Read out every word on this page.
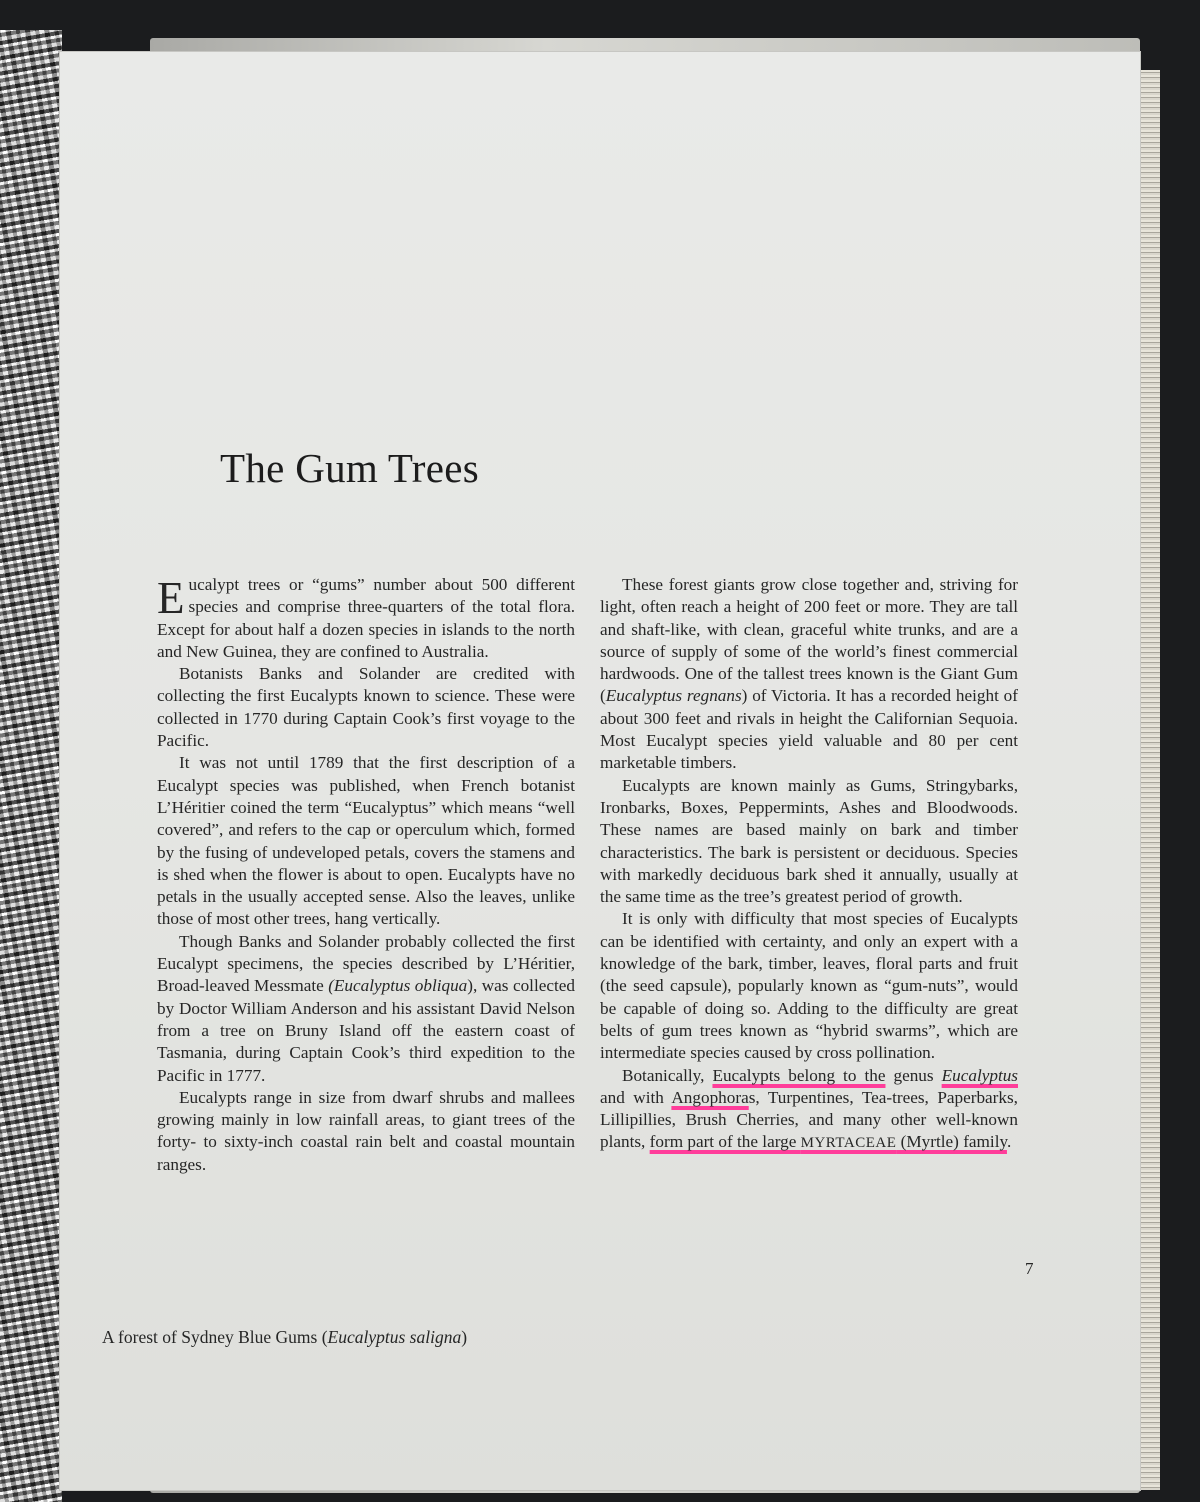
The Gum Trees

Eucalypt trees or “gums” number about 500 different species and comprise three-quarters of the total flora. Except for about half a dozen species in islands to the north and New Guinea, they are confined to Australia.

Botanists Banks and Solander are credited with collecting the first Eucalypts known to science. These were collected in 1770 during Captain Cook’s first voyage to the Pacific.

It was not until 1789 that the first description of a Eucalypt species was published, when French botanist L’Héritier coined the term “Eucalyptus” which means “well covered”, and refers to the cap or operculum which, formed by the fusing of undeveloped petals, covers the stamens and is shed when the flower is about to open. Eucalypts have no petals in the usually accepted sense. Also the leaves, unlike those of most other trees, hang vertically.

Though Banks and Solander probably collected the first Eucalypt specimens, the species described by L’Héritier, Broad-leaved Messmate (Eucalyptus obliqua), was collected by Doctor William Anderson and his assistant David Nelson from a tree on Bruny Island off the eastern coast of Tasmania, during Captain Cook’s third expedition to the Pacific in 1777.

Eucalypts range in size from dwarf shrubs and mallees growing mainly in low rainfall areas, to giant trees of the forty- to sixty-inch coastal rain belt and coastal mountain ranges.

These forest giants grow close together and, striving for light, often reach a height of 200 feet or more. They are tall and shaft-like, with clean, graceful white trunks, and are a source of supply of some of the world’s finest commercial hardwoods. One of the tallest trees known is the Giant Gum (Eucalyptus regnans) of Victoria. It has a recorded height of about 300 feet and rivals in height the Californian Sequoia. Most Eucalypt species yield valuable and 80 per cent marketable timbers.

Eucalypts are known mainly as Gums, Stringybarks, Ironbarks, Boxes, Peppermints, Ashes and Bloodwoods. These names are based mainly on bark and timber characteristics. The bark is persistent or deciduous. Species with markedly deciduous bark shed it annually, usually at the same time as the tree’s greatest period of growth.

It is only with difficulty that most species of Eucalypts can be identified with certainty, and only an expert with a knowledge of the bark, timber, leaves, floral parts and fruit (the seed capsule), popularly known as “gum-nuts”, would be capable of doing so. Adding to the difficulty are great belts of gum trees known as “hybrid swarms”, which are intermediate species caused by cross pollination.

Botanically, Eucalypts belong to the genus Eucalyptus and with Angophoras, Turpentines, Tea-trees, Paperbarks, Lillipillies, Brush Cherries, and many other well-known plants, form part of the large MYRTACEAE (Myrtle) family.

7
A forest of Sydney Blue Gums (Eucalyptus saligna)
